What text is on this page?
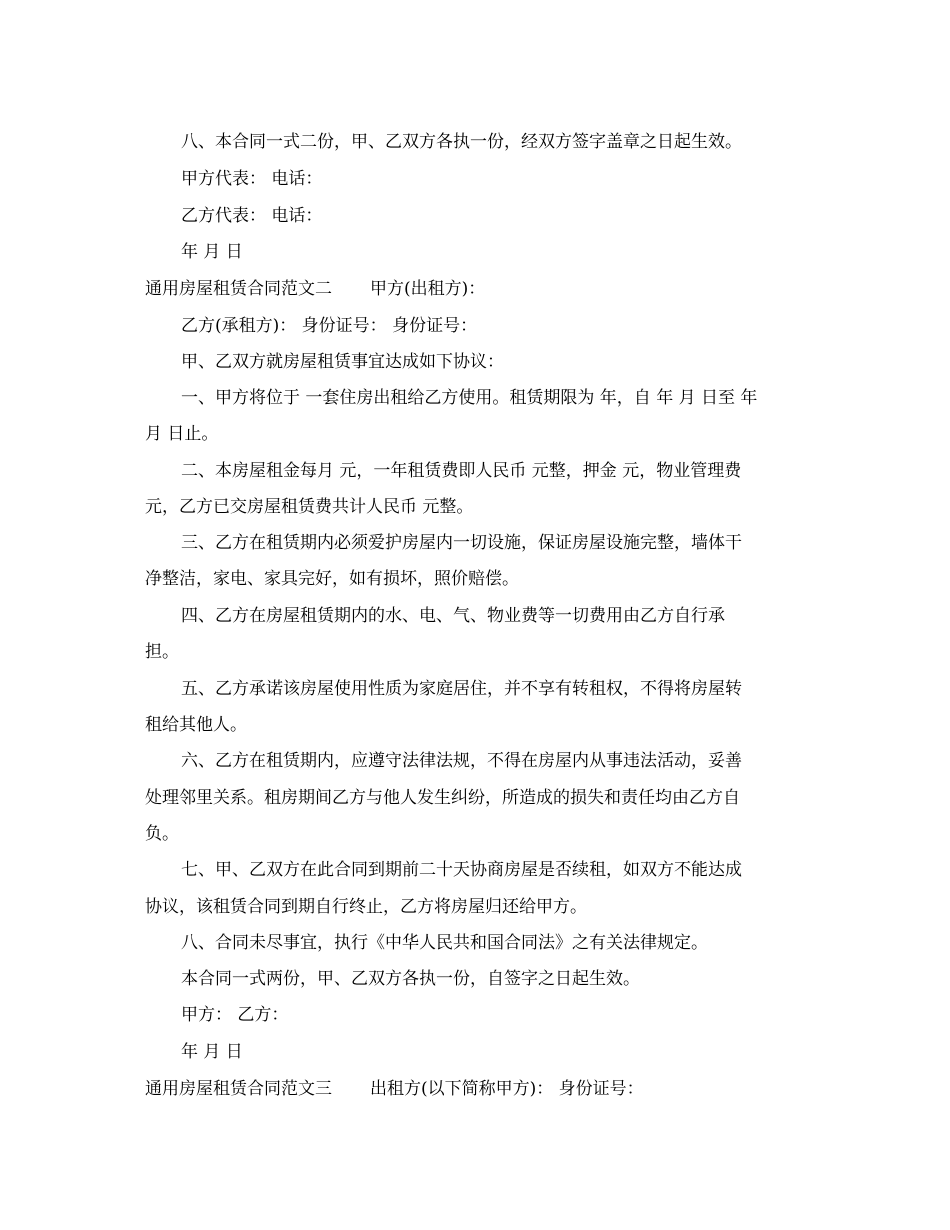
八、本合同一式二份，甲、乙双方各执一份，经双方签字盖章之日起生效。
甲方代表： 电话：
乙方代表： 电话：
年 月 日
通用房屋租赁合同范文二 甲方(出租方)：
乙方(承租方)： 身份证号： 身份证号：
甲、乙双方就房屋租赁事宜达成如下协议：
一、甲方将位于 一套住房出租给乙方使用。租赁期限为 年，自 年 月 日至 年
月 日止。
二、本房屋租金每月 元，一年租赁费即人民币 元整，押金 元，物业管理费
元，乙方已交房屋租赁费共计人民币 元整。
三、乙方在租赁期内必须爱护房屋内一切设施，保证房屋设施完整，墙体干
净整洁，家电、家具完好，如有损坏，照价赔偿。
四、乙方在房屋租赁期内的水、电、气、物业费等一切费用由乙方自行承
担。
五、乙方承诺该房屋使用性质为家庭居住，并不享有转租权，不得将房屋转
租给其他人。
六、乙方在租赁期内，应遵守法律法规，不得在房屋内从事违法活动，妥善
处理邻里关系。租房期间乙方与他人发生纠纷，所造成的损失和责任均由乙方自
负。
七、甲、乙双方在此合同到期前二十天协商房屋是否续租，如双方不能达成
协议，该租赁合同到期自行终止，乙方将房屋归还给甲方。
八、合同未尽事宜，执行《中华人民共和国合同法》之有关法律规定。
本合同一式两份，甲、乙双方各执一份，自签字之日起生效。
甲方： 乙方：
年 月 日
通用房屋租赁合同范文三 出租方(以下简称甲方)： 身份证号：
